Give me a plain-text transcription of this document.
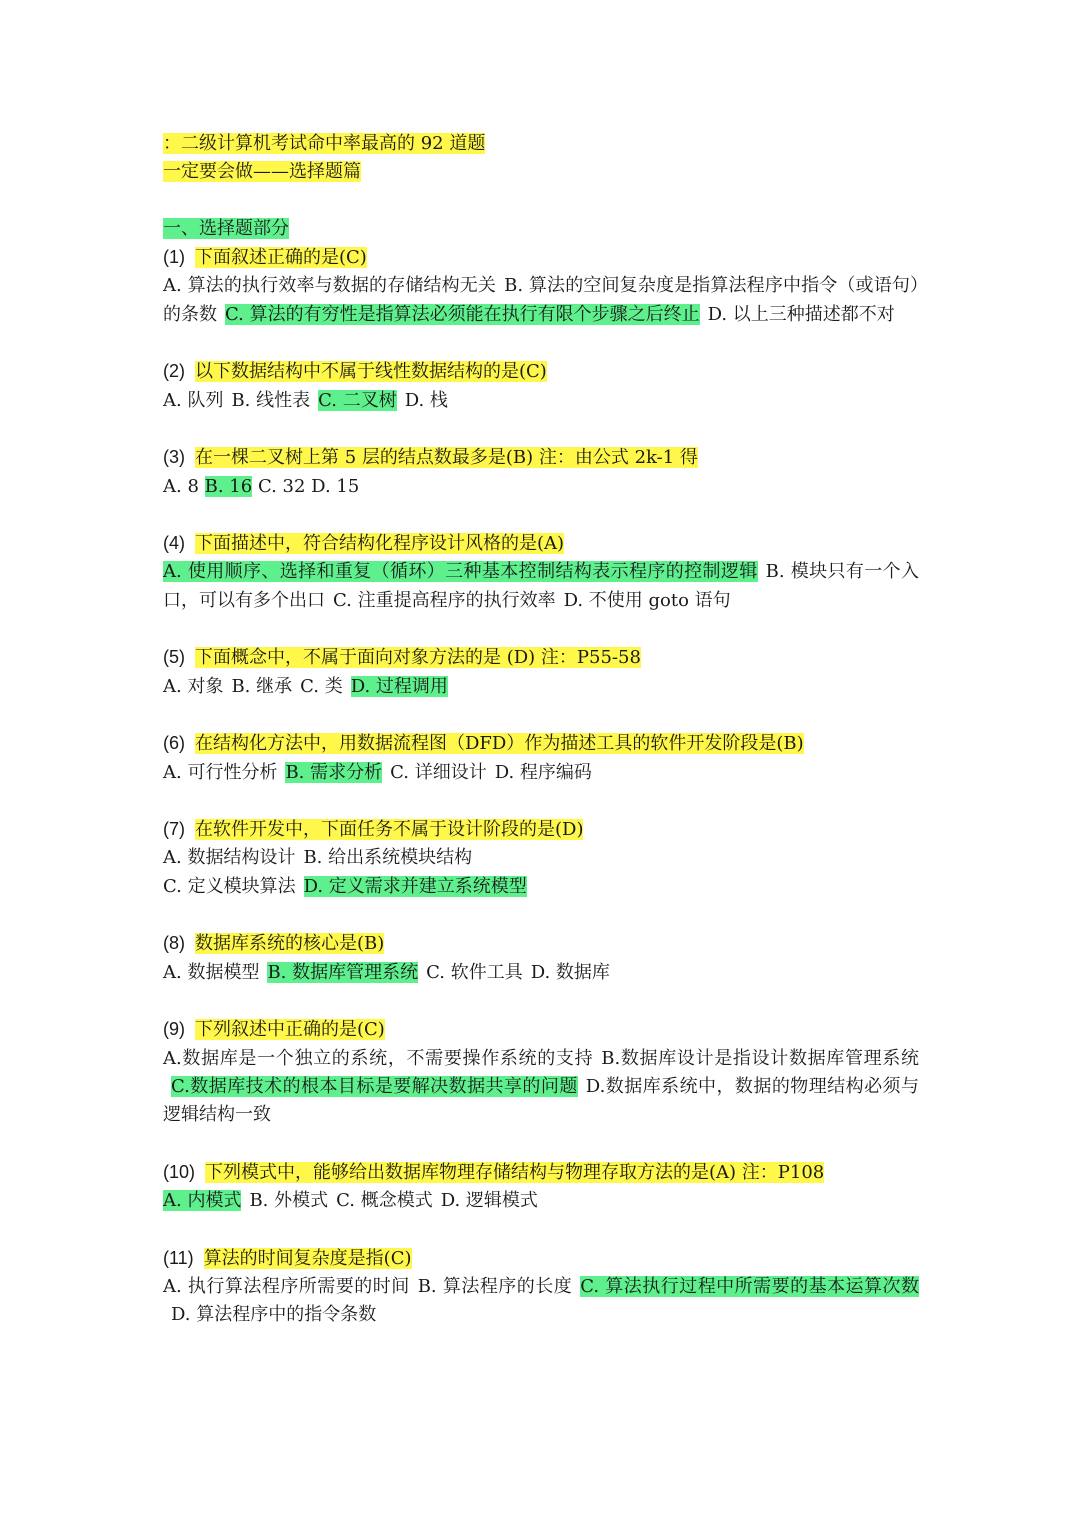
：二级计算机考试命中率最高的 92 道题

一定要会做——选择题篇

一、选择题部分

(1) 下面叙述正确的是(C)

A. 算法的执行效率与数据的存储结构无关 B. 算法的空间复杂度是指算法程序中指令（或语句）的条数 C. 算法的有穷性是指算法必须能在执行有限个步骤之后终止 D. 以上三种描述都不对

(2) 以下数据结构中不属于线性数据结构的是(C)

A. 队列 B. 线性表 C. 二叉树 D. 栈

(3) 在一棵二叉树上第 5 层的结点数最多是(B) 注：由公式 2k-1 得

A. 8 B. 16 C. 32 D. 15

(4) 下面描述中，符合结构化程序设计风格的是(A)

A. 使用顺序、选择和重复（循环）三种基本控制结构表示程序的控制逻辑 B. 模块只有一个入口，可以有多个出口 C. 注重提高程序的执行效率 D. 不使用 goto 语句

(5) 下面概念中，不属于面向对象方法的是 (D) 注：P55-58

A. 对象 B. 继承 C. 类 D. 过程调用

(6) 在结构化方法中，用数据流程图（DFD）作为描述工具的软件开发阶段是(B)

A. 可行性分析 B. 需求分析 C. 详细设计 D. 程序编码

(7) 在软件开发中，下面任务不属于设计阶段的是(D)

A. 数据结构设计 B. 给出系统模块结构

C. 定义模块算法 D. 定义需求并建立系统模型

(8) 数据库系统的核心是(B)

A. 数据模型 B. 数据库管理系统 C. 软件工具 D. 数据库

(9) 下列叙述中正确的是(C)

A.数据库是一个独立的系统，不需要操作系统的支持 B.数据库设计是指设计数据库管理系统C.数据库技术的根本目标是要解决数据共享的问题 D.数据库系统中，数据的物理结构必须与逻辑结构一致

(10) 下列模式中，能够给出数据库物理存储结构与物理存取方法的是(A) 注：P108

A. 内模式 B. 外模式 C. 概念模式 D. 逻辑模式

(11) 算法的时间复杂度是指(C)

A. 执行算法程序所需要的时间 B. 算法程序的长度 C. 算法执行过程中所需要的基本运算次数D. 算法程序中的指令条数
